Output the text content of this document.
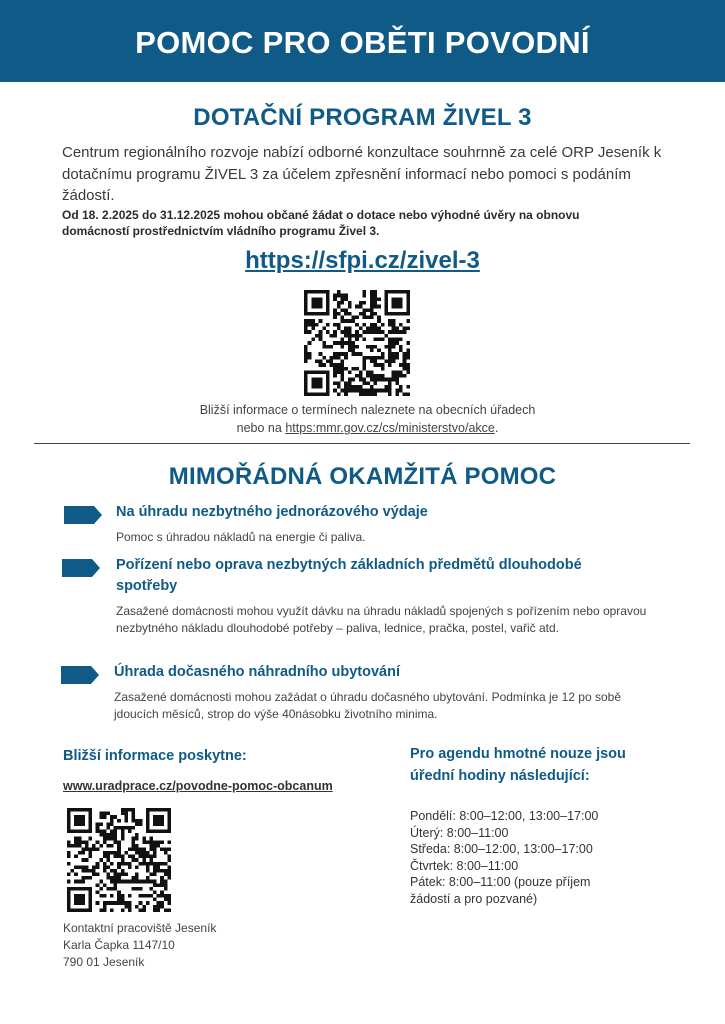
POMOC PRO OBĚTI POVODNÍ
DOTAČNÍ PROGRAM ŽIVEL 3
Centrum regionálního rozvoje nabízí odborné konzultace souhrnně za celé ORP Jeseník k dotačnímu programu ŽIVEL 3 za účelem zpřesnění informací nebo pomoci s podáním žádostí.
Od 18. 2.2025 do 31.12.2025 mohou občané žádat o dotace nebo výhodné úvěry na obnovu domácností prostřednictvím vládního programu Živel 3.
https://sfpi.cz/zivel-3
Bližší informace o termínech naleznete na obecních úřadech
nebo na https:mmr.gov.cz/cs/ministerstvo/akce.
MIMOŘÁDNÁ OKAMŽITÁ POMOC
Na úhradu nezbytného jednorázového výdaje
Pomoc s úhradou nákladů na energie či paliva.
Pořízení nebo oprava nezbytných základních předmětů dlouhodobé spotřeby
Zasažené domácnosti mohou využít dávku na úhradu nákladů spojených s pořízením nebo opravou nezbytného nákladu dlouhodobé potřeby – paliva, lednice, pračka, postel, vařič atd.
Úhrada dočasného náhradního ubytování
Zasažené domácnosti mohou zažádat o úhradu dočasného ubytování. Podmínka je 12 po sobě jdoucích měsíců, strop do výše 40násobku životního minima.
Bližší informace poskytne:
www.uradprace.cz/povodne-pomoc-obcanum
Kontaktní pracoviště Jeseník
Karla Čapka 1147/10
790 01 Jeseník
Pro agendu hmotné nouze jsou
úřední hodiny následující:
Pondělí: 8:00–12:00, 13:00–17:00
Úterý: 8:00–11:00
Středa: 8:00–12:00, 13:00–17:00
Čtvrtek: 8:00–11:00
Pátek: 8:00–11:00 (pouze příjem žádostí a pro pozvané)
